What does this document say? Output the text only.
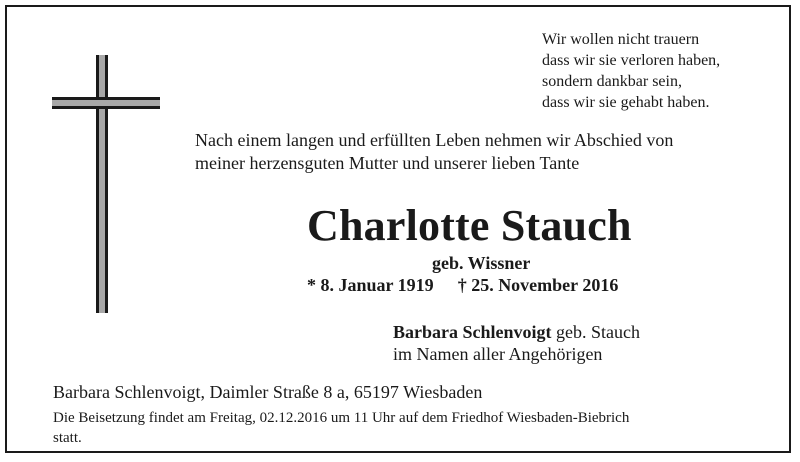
Wir wollen nicht trauern
dass wir sie verloren haben,
sondern dankbar sein,
dass wir sie gehabt haben.
Nach einem langen und erfüllten Leben nehmen wir Abschied von
meiner herzensguten Mutter und unserer lieben Tante
Charlotte Stauch
geb. Wissner
* 8. Januar 1919 † 25. November 2016
Barbara Schlenvoigt geb. Stauch
im Namen aller Angehörigen
Barbara Schlenvoigt, Daimler Straße 8 a, 65197 Wiesbaden
Die Beisetzung findet am Freitag, 02.12.2016 um 11 Uhr auf dem Friedhof Wiesbaden-Biebrich
statt.
